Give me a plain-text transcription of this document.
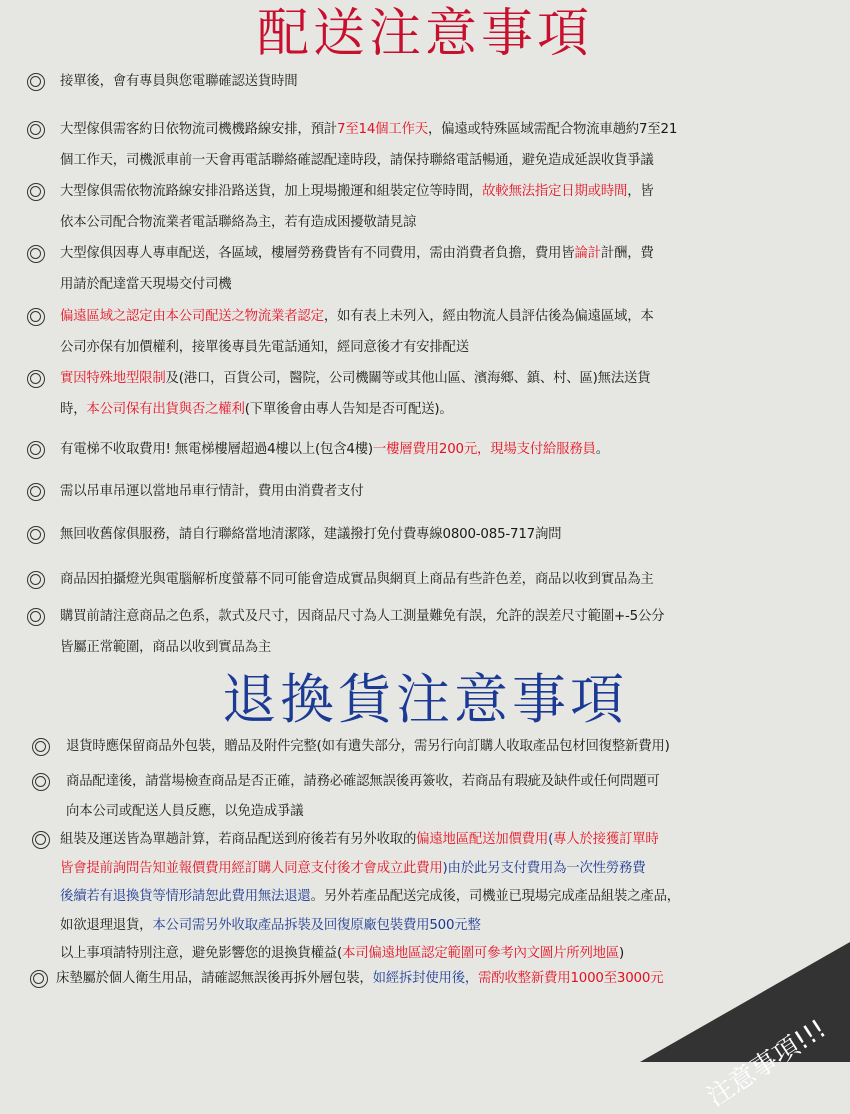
配送注意事項
接單後，會有專員與您電聯確認送貨時間
大型傢俱需客約日依物流司機機路線安排，預計7至14個工作天，偏遠或特殊區域需配合物流車趟約7至21
個工作天，司機派車前一天會再電話聯絡確認配達時段，請保持聯絡電話暢通，避免造成延誤收貨爭議
大型傢俱需依物流路線安排沿路送貨，加上現場搬運和組裝定位等時間，故較無法指定日期或時間，皆
依本公司配合物流業者電話聯絡為主，若有造成困擾敬請見諒
大型傢俱因專人專車配送，各區域，樓層勞務費皆有不同費用，需由消費者負擔，費用皆論計計酬，費
用請於配達當天現場交付司機
偏遠區域之認定由本公司配送之物流業者認定，如有表上未列入，經由物流人員評估後為偏遠區域，本
公司亦保有加價權利，接單後專員先電話通知，經同意後才有安排配送
實因特殊地型限制及(港口，百貨公司，醫院，公司機關等或其他山區、濱海鄉、鎮、村、區)無法送貨
時，本公司保有出貨與否之權利(下單後會由專人告知是否可配送)。
有電梯不收取費用! 無電梯樓層超過4樓以上(包含4樓)一樓層費用200元，現場支付給服務員。
需以吊車吊運以當地吊車行情計，費用由消費者支付
無回收舊傢俱服務，請自行聯絡當地清潔隊，建議撥打免付費專線0800-085-717詢問
商品因拍攝燈光與電腦解析度螢幕不同可能會造成實品與網頁上商品有些許色差，商品以收到實品為主
購買前請注意商品之色系，款式及尺寸，因商品尺寸為人工測量難免有誤，允許的誤差尺寸範圍+-5公分
皆屬正常範圍，商品以收到實品為主
退換貨注意事項
退貨時應保留商品外包裝，贈品及附件完整(如有遺失部分，需另行向訂購人收取產品包材回復整新費用)
商品配達後，請當場檢查商品是否正確，請務必確認無誤後再簽收，若商品有瑕疵及缺件或任何問題可
向本公司或配送人員反應，以免造成爭議
組裝及運送皆為單趟計算，若商品配送到府後若有另外收取的偏遠地區配送加價費用(專人於接獲訂單時
皆會提前詢問告知並報價費用經訂購人同意支付後才會成立此費用)由於此另支付費用為一次性勞務費
後續若有退換貨等情形請恕此費用無法退還。另外若產品配送完成後，司機並已現場完成產品組裝之產品，
如欲退理退貨，本公司需另外收取產品拆裝及回復原廠包裝費用500元整
以上事項請特別注意，避免影響您的退換貨權益(本司偏遠地區認定範圍可參考內文圖片所列地區)
床墊屬於個人衛生用品，請確認無誤後再拆外層包裝，如經拆封使用後，需酌收整新費用1000至3000元
注意事項!!!
